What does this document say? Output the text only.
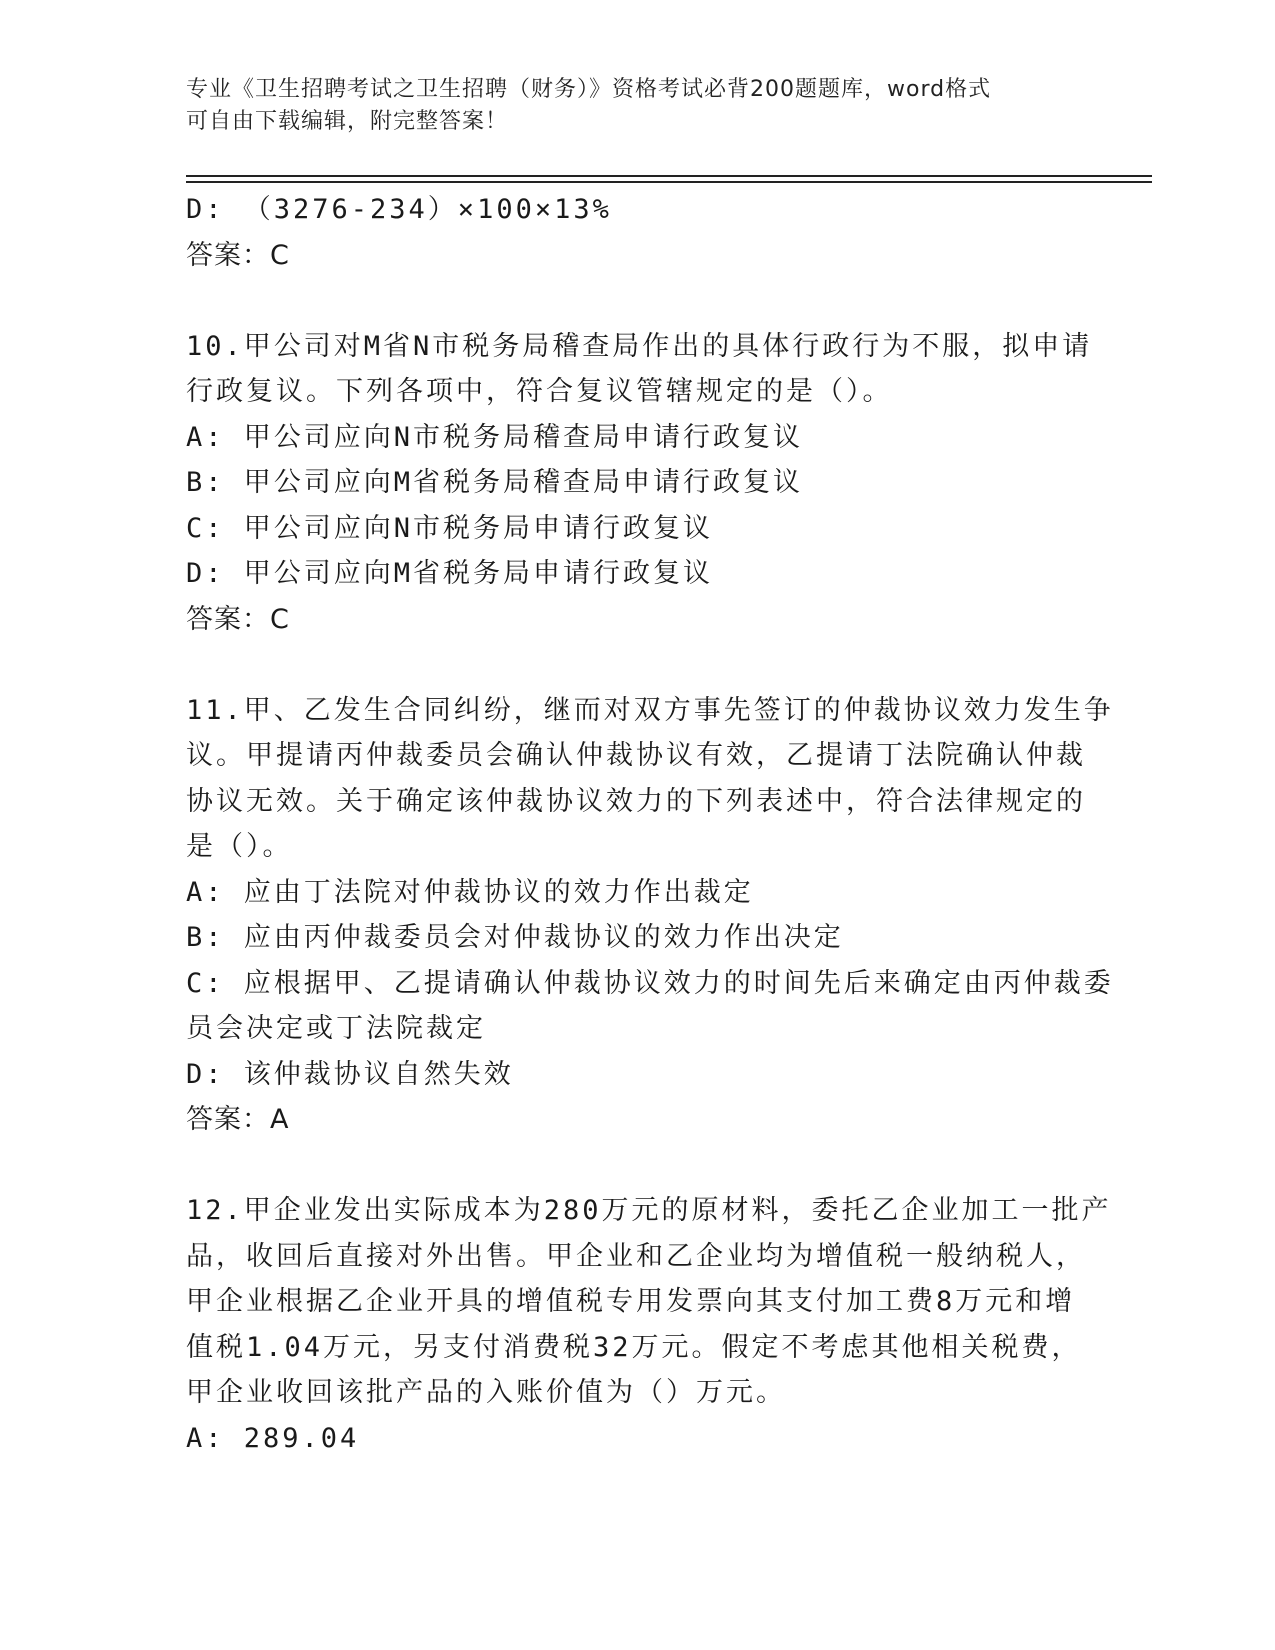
专业《卫生招聘考试之卫生招聘（财务）》资格考试必背200题题库，word格式
可自由下载编辑，附完整答案！
D: （3276-234）×100×13%
答案：C
10.甲公司对M省N市税务局稽查局作出的具体行政行为不服，拟申请
行政复议。下列各项中，符合复议管辖规定的是（）。
A: 甲公司应向N市税务局稽查局申请行政复议
B: 甲公司应向M省税务局稽查局申请行政复议
C: 甲公司应向N市税务局申请行政复议
D: 甲公司应向M省税务局申请行政复议
答案：C
11.甲、乙发生合同纠纷，继而对双方事先签订的仲裁协议效力发生争
议。甲提请丙仲裁委员会确认仲裁协议有效，乙提请丁法院确认仲裁
协议无效。关于确定该仲裁协议效力的下列表述中，符合法律规定的
是（）。
A: 应由丁法院对仲裁协议的效力作出裁定
B: 应由丙仲裁委员会对仲裁协议的效力作出决定
C: 应根据甲、乙提请确认仲裁协议效力的时间先后来确定由丙仲裁委
员会决定或丁法院裁定
D: 该仲裁协议自然失效
答案：A
12.甲企业发出实际成本为280万元的原材料，委托乙企业加工一批产
品，收回后直接对外出售。甲企业和乙企业均为增值税一般纳税人，
甲企业根据乙企业开具的增值税专用发票向其支付加工费8万元和增
值税1.04万元，另支付消费税32万元。假定不考虑其他相关税费，
甲企业收回该批产品的入账价值为（）万元。
A: 289.04
